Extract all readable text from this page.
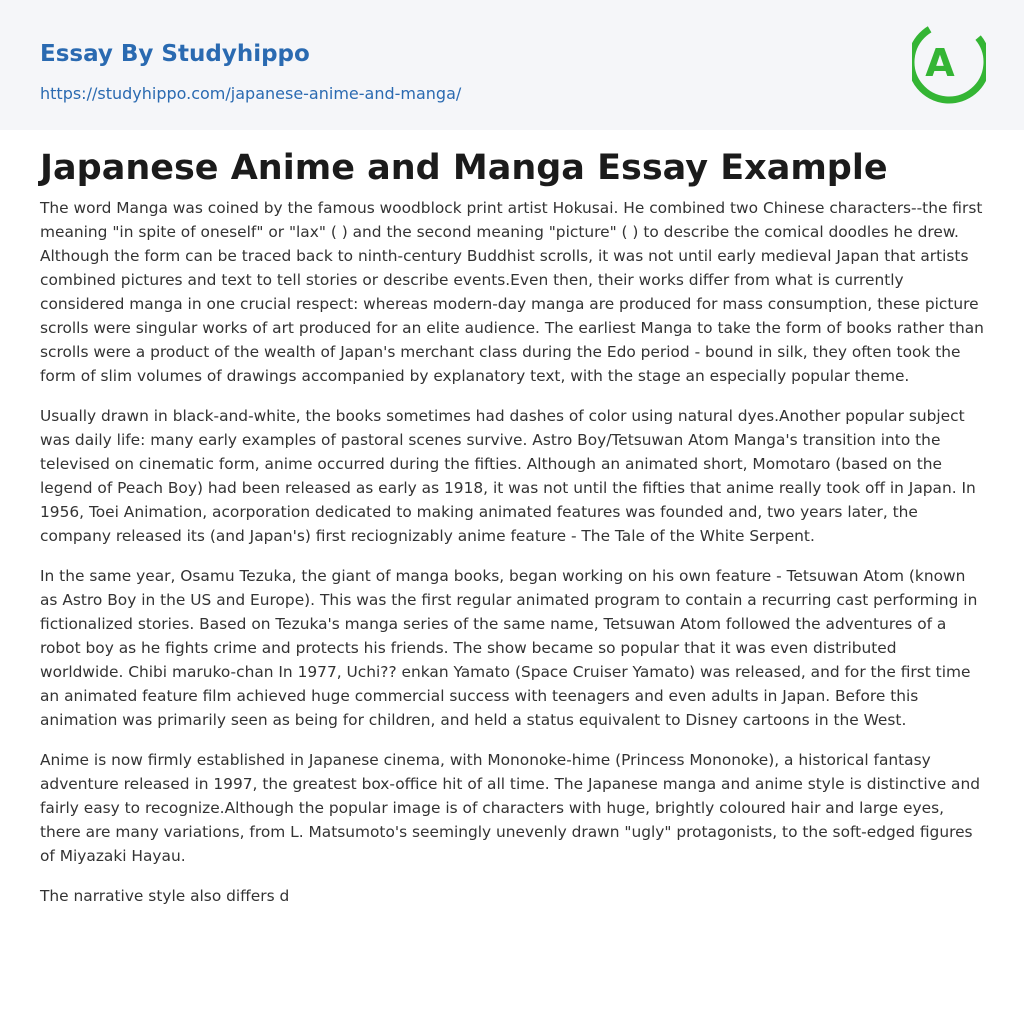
Essay By Studyhippo
https://studyhippo.com/japanese-anime-and-manga/
A
Japanese Anime and Manga Essay Example

The word Manga was coined by the famous woodblock print artist Hokusai. He combined two Chinese characters--the first meaning "in spite of oneself" or "lax" ( ) and the second meaning "picture" ( ) to describe the comical doodles he drew. Although the form can be traced back to ninth-century Buddhist scrolls, it was not until early medieval Japan that artists combined pictures and text to tell stories or describe events.Even then, their works differ from what is currently considered manga in one crucial respect: whereas modern-day manga are produced for mass consumption, these picture scrolls were singular works of art produced for an elite audience. The earliest Manga to take the form of books rather than scrolls were a product of the wealth of Japan's merchant class during the Edo period - bound in silk, they often took the form of slim volumes of drawings accompanied by explanatory text, with the stage an especially popular theme.

Usually drawn in black-and-white, the books sometimes had dashes of color using natural dyes.Another popular subject was daily life: many early examples of pastoral scenes survive. Astro Boy/Tetsuwan Atom Manga's transition into the televised on cinematic form, anime occurred during the fifties. Although an animated short, Momotaro (based on the legend of Peach Boy) had been released as early as 1918, it was not until the fifties that anime really took off in Japan. In 1956, Toei Animation, acorporation dedicated to making animated features was founded and, two years later, the company released its (and Japan's) first reciognizably anime feature - The Tale of the White Serpent.

In the same year, Osamu Tezuka, the giant of manga books, began working on his own feature - Tetsuwan Atom (known as Astro Boy in the US and Europe). This was the first regular animated program to contain a recurring cast performing in fictionalized stories. Based on Tezuka's manga series of the same name, Tetsuwan Atom followed the adventures of a robot boy as he fights crime and protects his friends. The show became so popular that it was even distributed worldwide. Chibi maruko-chan In 1977, Uchi?? enkan Yamato (Space Cruiser Yamato) was released, and for the first time an animated feature film achieved huge commercial success with teenagers and even adults in Japan. Before this animation was primarily seen as being for children, and held a status equivalent to Disney cartoons in the West.

Anime is now firmly established in Japanese cinema, with Mononoke-hime (Princess Mononoke), a historical fantasy adventure released in 1997, the greatest box-office hit of all time. The Japanese manga and anime style is distinctive and fairly easy to recognize.Although the popular image is of characters with huge, brightly coloured hair and large eyes, there are many variations, from L. Matsumoto's seemingly unevenly drawn "ugly" protagonists, to the soft-edged figures of Miyazaki Hayau.

The narrative style also differs d
